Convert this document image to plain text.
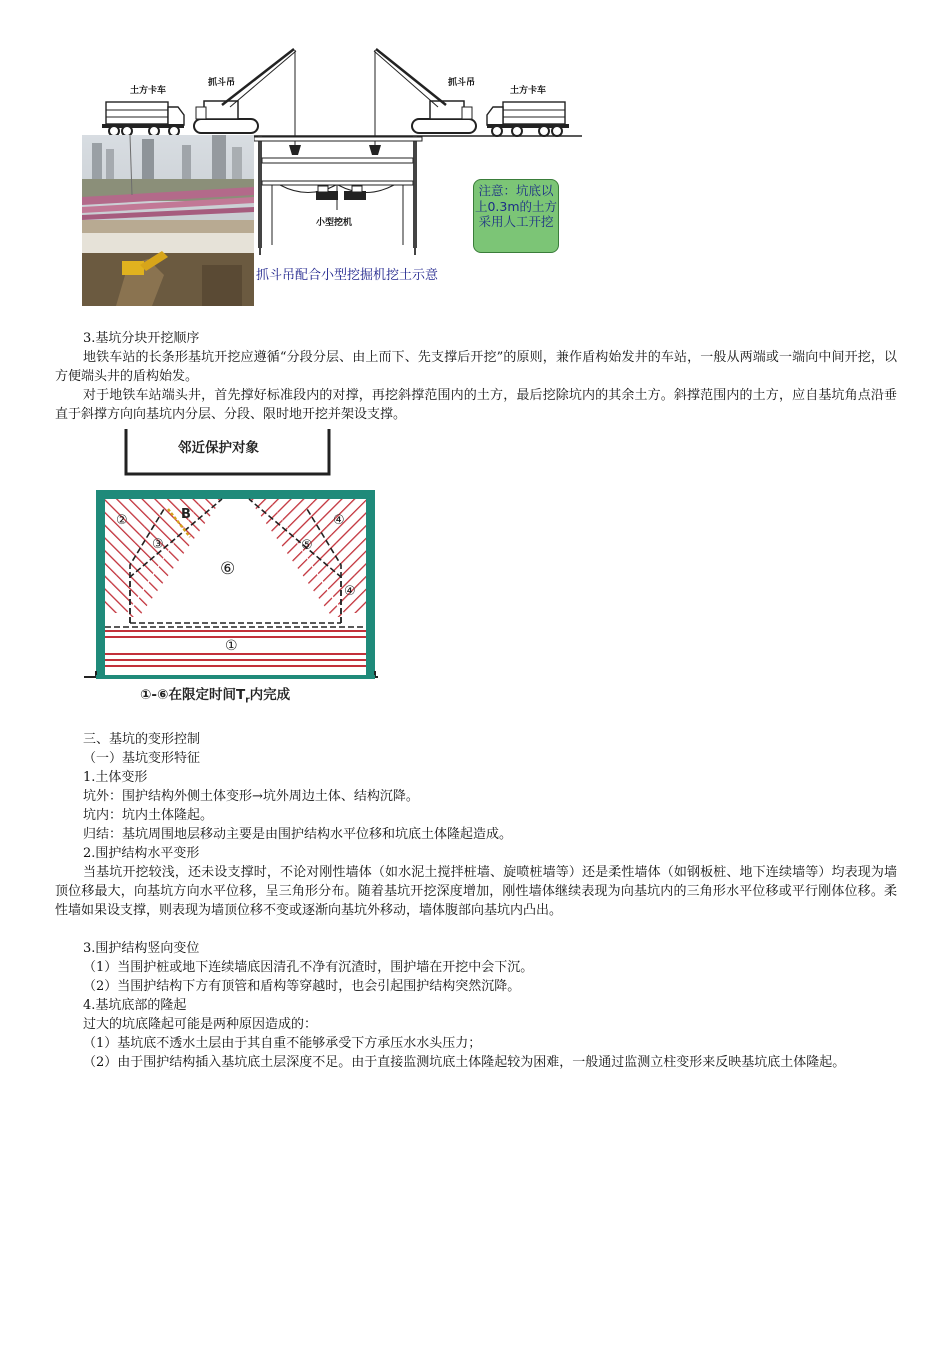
土方卡车
抓斗吊	抓斗吊
土方卡车
小型挖机
注意：坑底以上0.3m的土方采用人工开挖
抓斗吊配合小型挖掘机挖土示意

3.基坑分块开挖顺序

地铁车站的长条形基坑开挖应遵循“分段分层、由上而下、先支撑后开挖”的原则，兼作盾构始发井的车站，一般从两端或一端向中间开挖，以方便端头井的盾构始发。

对于地铁车站端头井，首先撑好标准段内的对撑，再挖斜撑范围内的土方，最后挖除坑内的其余土方。斜撑范围内的土方，应自基坑角点沿垂直于斜撑方向向基坑内分层、分段、限时地开挖并架设支撑。

邻近保护对象
B
②
③
④
⑤
④
⑥
①
①-⑥在限定时间$T_r$内完成

三、基坑的变形控制

（一）基坑变形特征

1.土体变形

坑外：围护结构外侧土体变形→坑外周边土体、结构沉降。

坑内：坑内土体隆起。

归结：基坑周围地层移动主要是由围护结构水平位移和坑底土体隆起造成。

2.围护结构水平变形

当基坑开挖较浅，还未设支撑时，不论对刚性墙体（如水泥土搅拌桩墙、旋喷桩墙等）还是柔性墙体（如钢板桩、地下连续墙等）均表现为墙顶位移最大，向基坑方向水平位移，呈三角形分布。随着基坑开挖深度增加，刚性墙体继续表现为向基坑内的三角形水平位移或平行刚体位移。柔性墙如果设支撑，则表现为墙顶位移不变或逐渐向基坑外移动，墙体腹部向基坑内凸出。

3.围护结构竖向变位

（1）当围护桩或地下连续墙底因清孔不净有沉渣时，围护墙在开挖中会下沉。

（2）当围护结构下方有顶管和盾构等穿越时，也会引起围护结构突然沉降。

4.基坑底部的隆起

过大的坑底隆起可能是两种原因造成的：

（1）基坑底不透水土层由于其自重不能够承受下方承压水水头压力；

（2）由于围护结构插入基坑底土层深度不足。由于直接监测坑底土体隆起较为困难，一般通过监测立柱变形来反映基坑底土体隆起。
